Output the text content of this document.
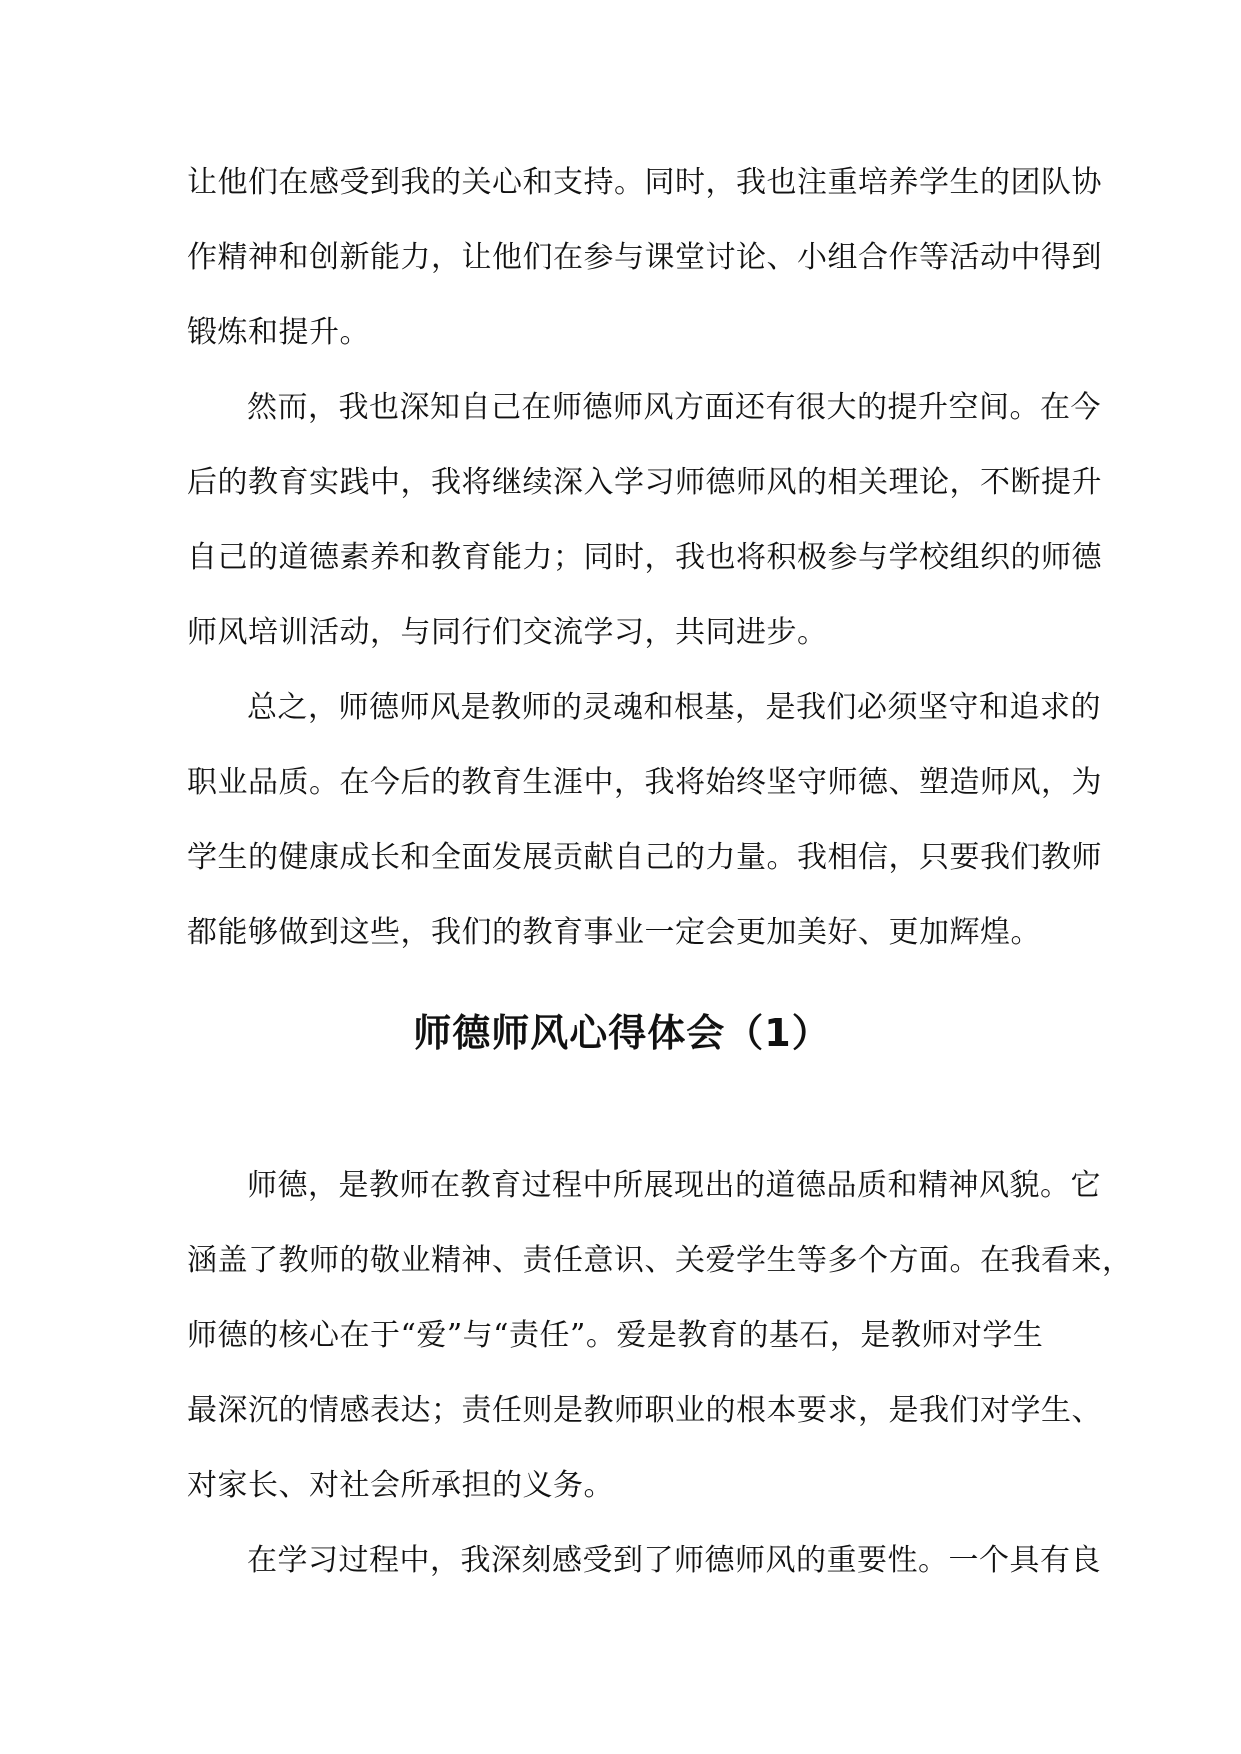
让他们在感受到我的关心和支持。同时，我也注重培养学生的团队协
作精神和创新能力，让他们在参与课堂讨论、小组合作等活动中得到
锻炼和提升。

然而，我也深知自己在师德师风方面还有很大的提升空间。在今
后的教育实践中，我将继续深入学习师德师风的相关理论，不断提升
自己的道德素养和教育能力；同时，我也将积极参与学校组织的师德
师风培训活动，与同行们交流学习，共同进步。

总之，师德师风是教师的灵魂和根基，是我们必须坚守和追求的
职业品质。在今后的教育生涯中，我将始终坚守师德、塑造师风，为
学生的健康成长和全面发展贡献自己的力量。我相信，只要我们教师
都能够做到这些，我们的教育事业一定会更加美好、更加辉煌。

师德师风心得体会（1）

师德，是教师在教育过程中所展现出的道德品质和精神风貌。它
涵盖了教师的敬业精神、责任意识、关爱学生等多个方面。在我看来，
师德的核心在于“爱”与“责任”。爱是教育的基石，是教师对学生
最深沉的情感表达；责任则是教师职业的根本要求，是我们对学生、
对家长、对社会所承担的义务。

在学习过程中，我深刻感受到了师德师风的重要性。一个具有良
